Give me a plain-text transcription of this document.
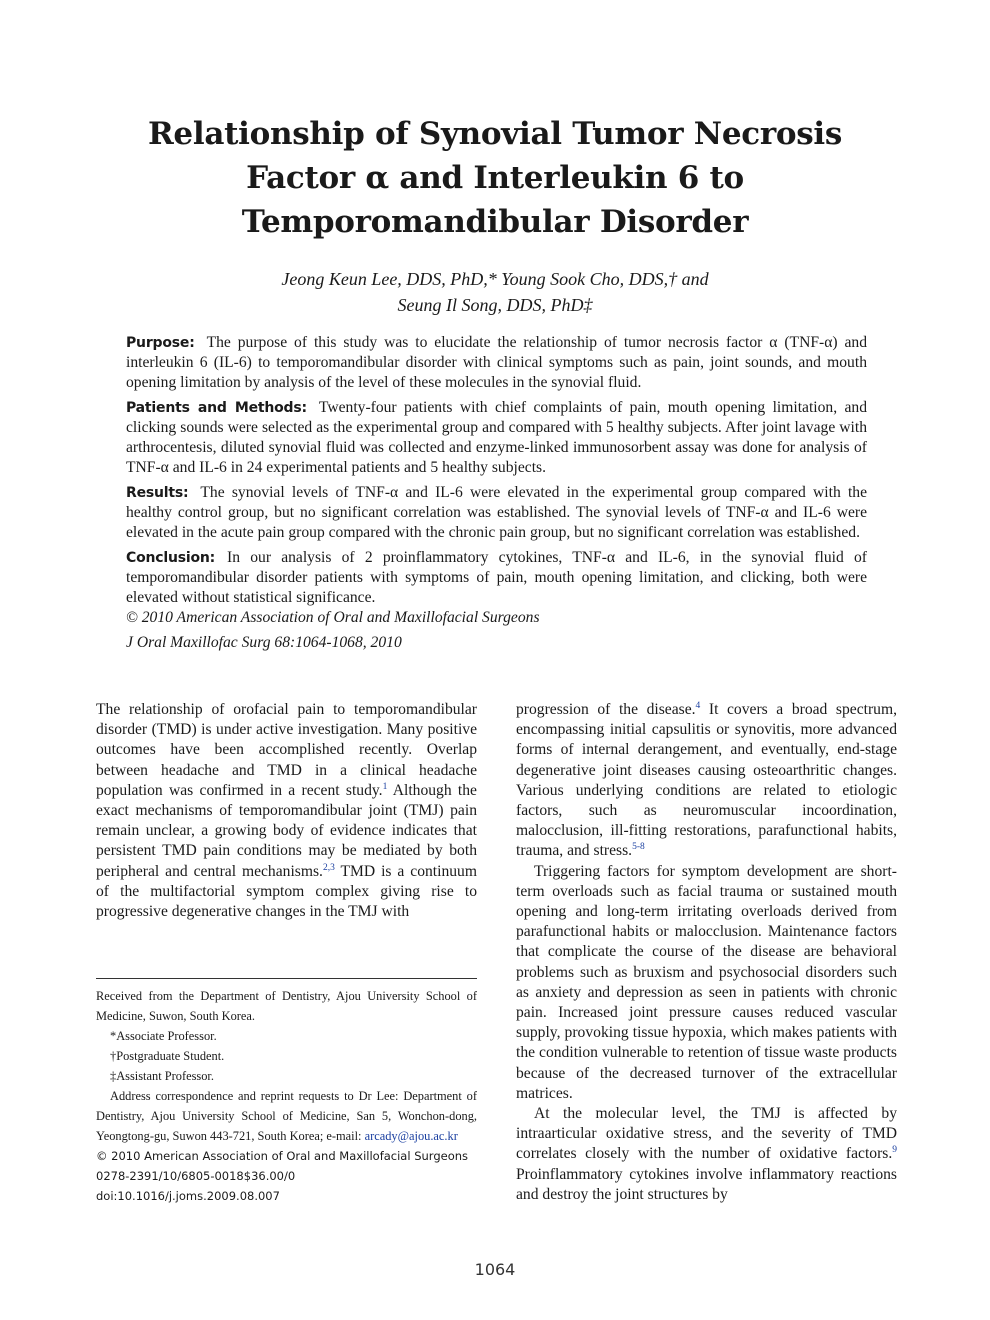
Relationship of Synovial Tumor Necrosis
Factor α and Interleukin 6 to
Temporomandibular Disorder
Jeong Keun Lee, DDS, PhD,* Young Sook Cho, DDS,† and
Seung Il Song, DDS, PhD‡

Purpose: The purpose of this study was to elucidate the relationship of tumor necrosis factor α (TNF-α) and interleukin 6 (IL-6) to temporomandibular disorder with clinical symptoms such as pain, joint sounds, and mouth opening limitation by analysis of the level of these molecules in the synovial fluid.

Patients and Methods: Twenty-four patients with chief complaints of pain, mouth opening limitation, and clicking sounds were selected as the experimental group and compared with 5 healthy subjects. After joint lavage with arthrocentesis, diluted synovial fluid was collected and enzyme-linked immunosorbent assay was done for analysis of TNF-α and IL-6 in 24 experimental patients and 5 healthy subjects.

Results: The synovial levels of TNF-α and IL-6 were elevated in the experimental group compared with the healthy control group, but no significant correlation was established. The synovial levels of TNF-α and IL-6 were elevated in the acute pain group compared with the chronic pain group, but no significant correlation was established.

Conclusion: In our analysis of 2 proinflammatory cytokines, TNF-α and IL-6, in the synovial fluid of temporomandibular disorder patients with symptoms of pain, mouth opening limitation, and clicking, both were elevated without statistical significance.

© 2010 American Association of Oral and Maxillofacial Surgeons

J Oral Maxillofac Surg 68:1064-1068, 2010

The relationship of orofacial pain to temporomandibular disorder (TMD) is under active investigation. Many positive outcomes have been accomplished recently. Overlap between headache and TMD in a clinical headache population was confirmed in a recent study.$^1$ Although the exact mechanisms of temporomandibular joint (TMJ) pain remain unclear, a growing body of evidence indicates that persistent TMD pain conditions may be mediated by both peripheral and central mechanisms.$^{2,3}$ TMD is a continuum of the multifactorial symptom complex giving rise to progressive degenerative changes in the TMJ with

progression of the disease.$^4$ It covers a broad spectrum, encompassing initial capsulitis or synovitis, more advanced forms of internal derangement, and eventually, end-stage degenerative joint diseases causing osteoarthritic changes. Various underlying conditions are related to etiologic factors, such as neuromuscular incoordination, malocclusion, ill-fitting restorations, parafunctional habits, trauma, and stress.$^{5-8}$

Triggering factors for symptom development are short-term overloads such as facial trauma or sustained mouth opening and long-term irritating overloads derived from parafunctional habits or malocclusion. Maintenance factors that complicate the course of the disease are behavioral problems such as bruxism and psychosocial disorders such as anxiety and depression as seen in patients with chronic pain. Increased joint pressure causes reduced vascular supply, provoking tissue hypoxia, which makes patients with the condition vulnerable to retention of tissue waste products because of the decreased turnover of the extracellular matrices.

At the molecular level, the TMJ is affected by intraarticular oxidative stress, and the severity of TMD correlates closely with the number of oxidative factors.$^9$ Proinflammatory cytokines involve inflammatory reactions and destroy the joint structures by

Received from the Department of Dentistry, Ajou University School of Medicine, Suwon, South Korea.

*Associate Professor.

†Postgraduate Student.

‡Assistant Professor.

Address correspondence and reprint requests to Dr Lee: Department of Dentistry, Ajou University School of Medicine, San 5, Wonchon-dong, Yeongtong-gu, Suwon 443-721, South Korea; e-mail: arcady@ajou.ac.kr

© 2010 American Association of Oral and Maxillofacial Surgeons

0278-2391/10/6805-0018$36.00/0

doi:10.1016/j.joms.2009.08.007

1064
